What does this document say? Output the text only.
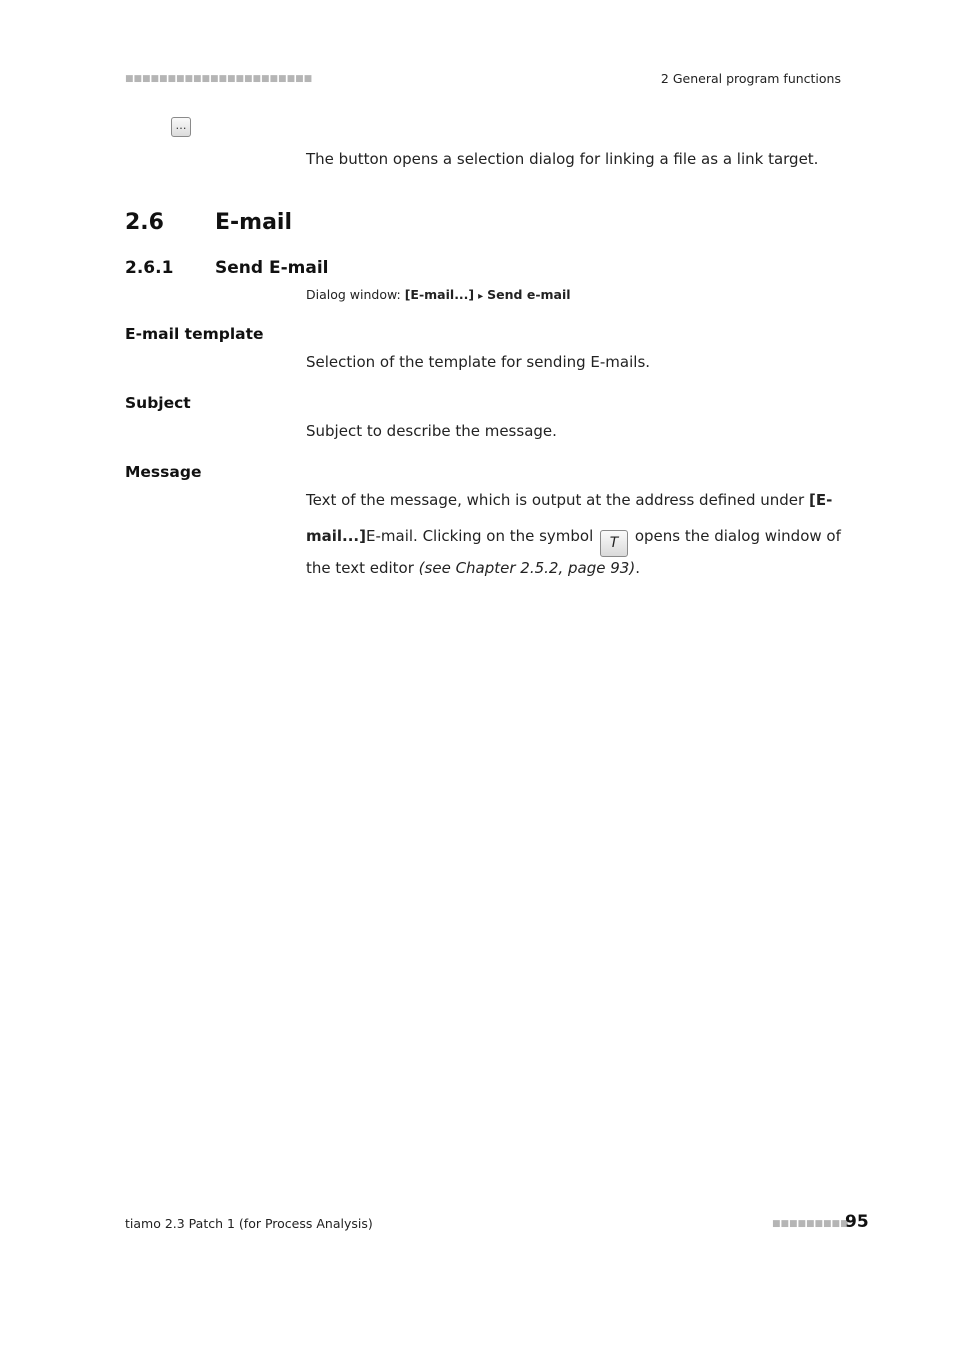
■■■■■■■■■■■■■■■■■■■■■■	2 General program functions
…
The button opens a selection dialog for linking a file as a link target.
2.6 E-mail
2.6.1 Send E-mail
Dialog window: [E-mail...] ▸ Send e-mail
E-mail template
Selection of the template for sending E-mails.
Subject
Subject to describe the message.
Message
Text of the message, which is output at the address defined under [E-
mail...]E-mail. Clicking on the symbol T opens the dialog window of
the text editor (see Chapter 2.5.2, page 93).
tiamo 2.3 Patch 1 (for Process Analysis)	■■■■■■■■■
95
